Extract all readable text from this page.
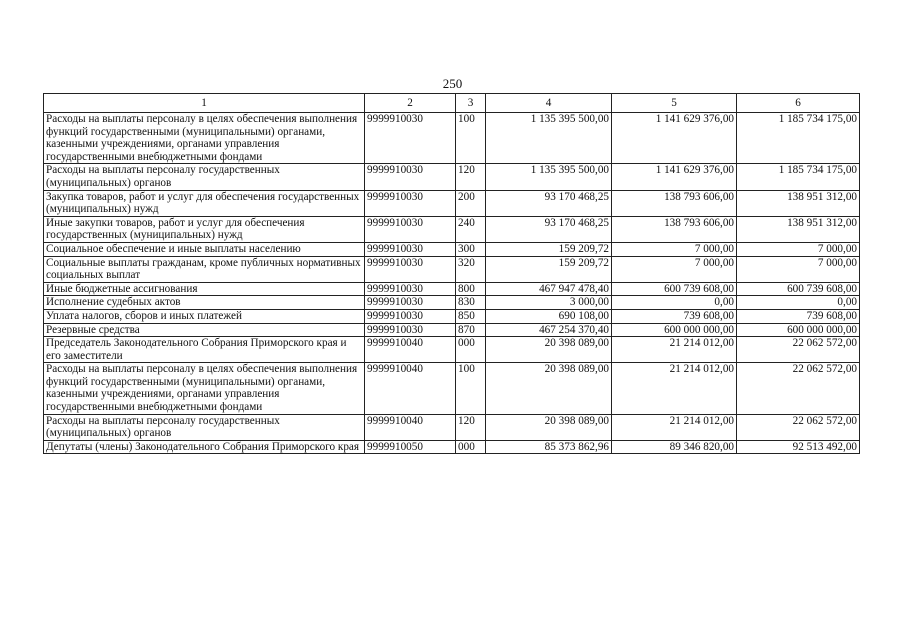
250
1	2	3	4	5	6
Расходы на выплаты персоналу в целях обеспечения выполнения функций государственными (муниципальными) органами, казенными учреждениями, органами управления государственными внебюджетными фондами	9999910030	100	1 135 395 500,00	1 141 629 376,00	1 185 734 175,00
Расходы на выплаты персоналу государственных (муниципальных) органов	9999910030	120	1 135 395 500,00	1 141 629 376,00	1 185 734 175,00
Закупка товаров, работ и услуг для обеспечения государственных (муниципальных) нужд	9999910030	200	93 170 468,25	138 793 606,00	138 951 312,00
Иные закупки товаров, работ и услуг для обеспечения государственных (муниципальных) нужд	9999910030	240	93 170 468,25	138 793 606,00	138 951 312,00
Социальное обеспечение и иные выплаты населению	9999910030	300	159 209,72	7 000,00	7 000,00
Социальные выплаты гражданам, кроме публичных нормативных социальных выплат	9999910030	320	159 209,72	7 000,00	7 000,00
Иные бюджетные ассигнования	9999910030	800	467 947 478,40	600 739 608,00	600 739 608,00
Исполнение судебных актов	9999910030	830	3 000,00	0,00	0,00
Уплата налогов, сборов и иных платежей	9999910030	850	690 108,00	739 608,00	739 608,00
Резервные средства	9999910030	870	467 254 370,40	600 000 000,00	600 000 000,00
Председатель Законодательного Собрания Приморского края и его заместители	9999910040	000	20 398 089,00	21 214 012,00	22 062 572,00
Расходы на выплаты персоналу в целях обеспечения выполнения функций государственными (муниципальными) органами, казенными учреждениями, органами управления государственными внебюджетными фондами	9999910040	100	20 398 089,00	21 214 012,00	22 062 572,00
Расходы на выплаты персоналу государственных (муниципальных) органов	9999910040	120	20 398 089,00	21 214 012,00	22 062 572,00
Депутаты (члены) Законодательного Собрания Приморского края	9999910050	000	85 373 862,96	89 346 820,00	92 513 492,00
